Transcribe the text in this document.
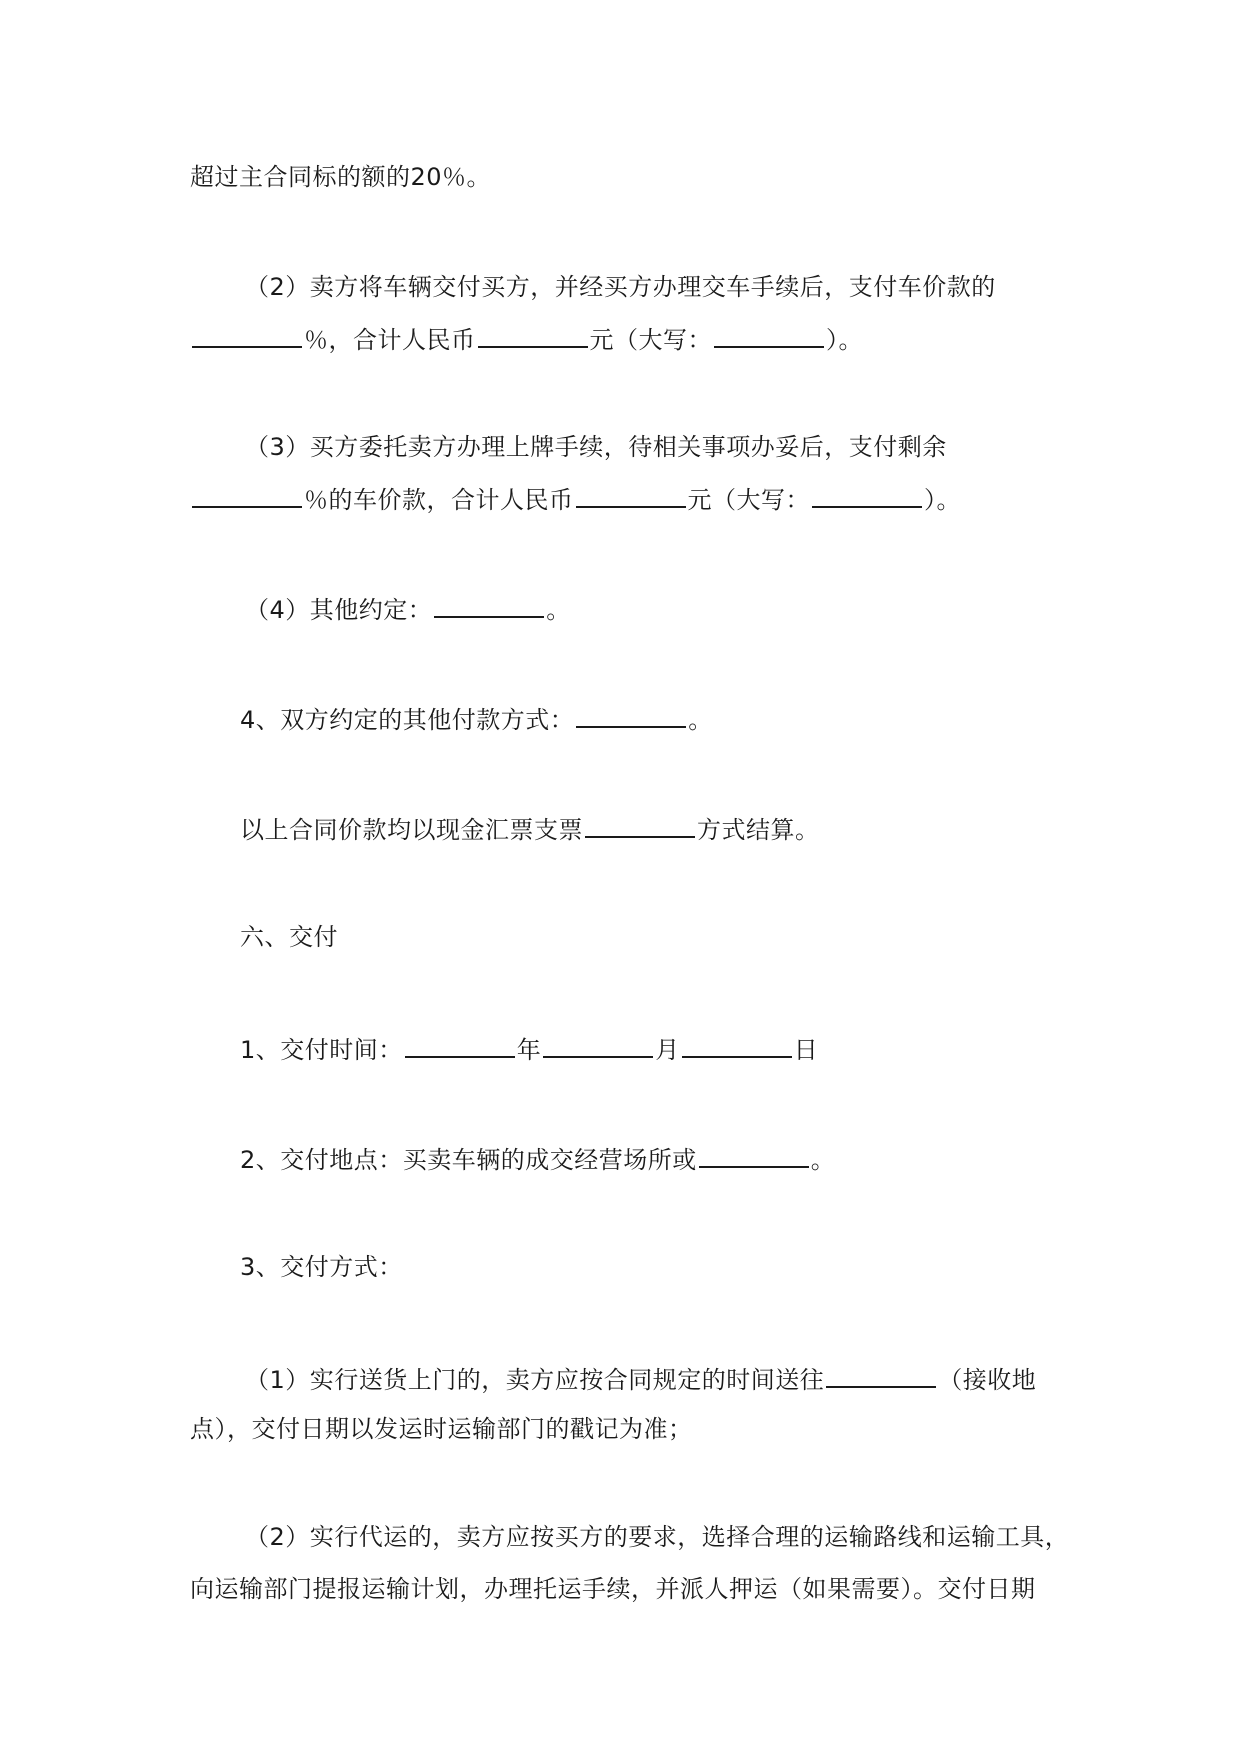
超过主合同标的额的20％。
（2）卖方将车辆交付买方，并经买方办理交车手续后，支付车价款的
％，合计人民币	元（大写：	）。
（3）买方委托卖方办理上牌手续，待相关事项办妥后，支付剩余
％的车价款，合计人民币	元（大写：	）。
（4）其他约定：	。
4、双方约定的其他付款方式：	。
以上合同价款均以现金汇票支票	方式结算。
六、交付
1、交付时间：	年	月	日
2、交付地点：买卖车辆的成交经营场所或	。
3、交付方式：
（1）实行送货上门的，卖方应按合同规定的时间送往	（接收地
点），交付日期以发运时运输部门的戳记为准；
（2）实行代运的，卖方应按买方的要求，选择合理的运输路线和运输工具，
向运输部门提报运输计划，办理托运手续，并派人押运（如果需要）。交付日期
